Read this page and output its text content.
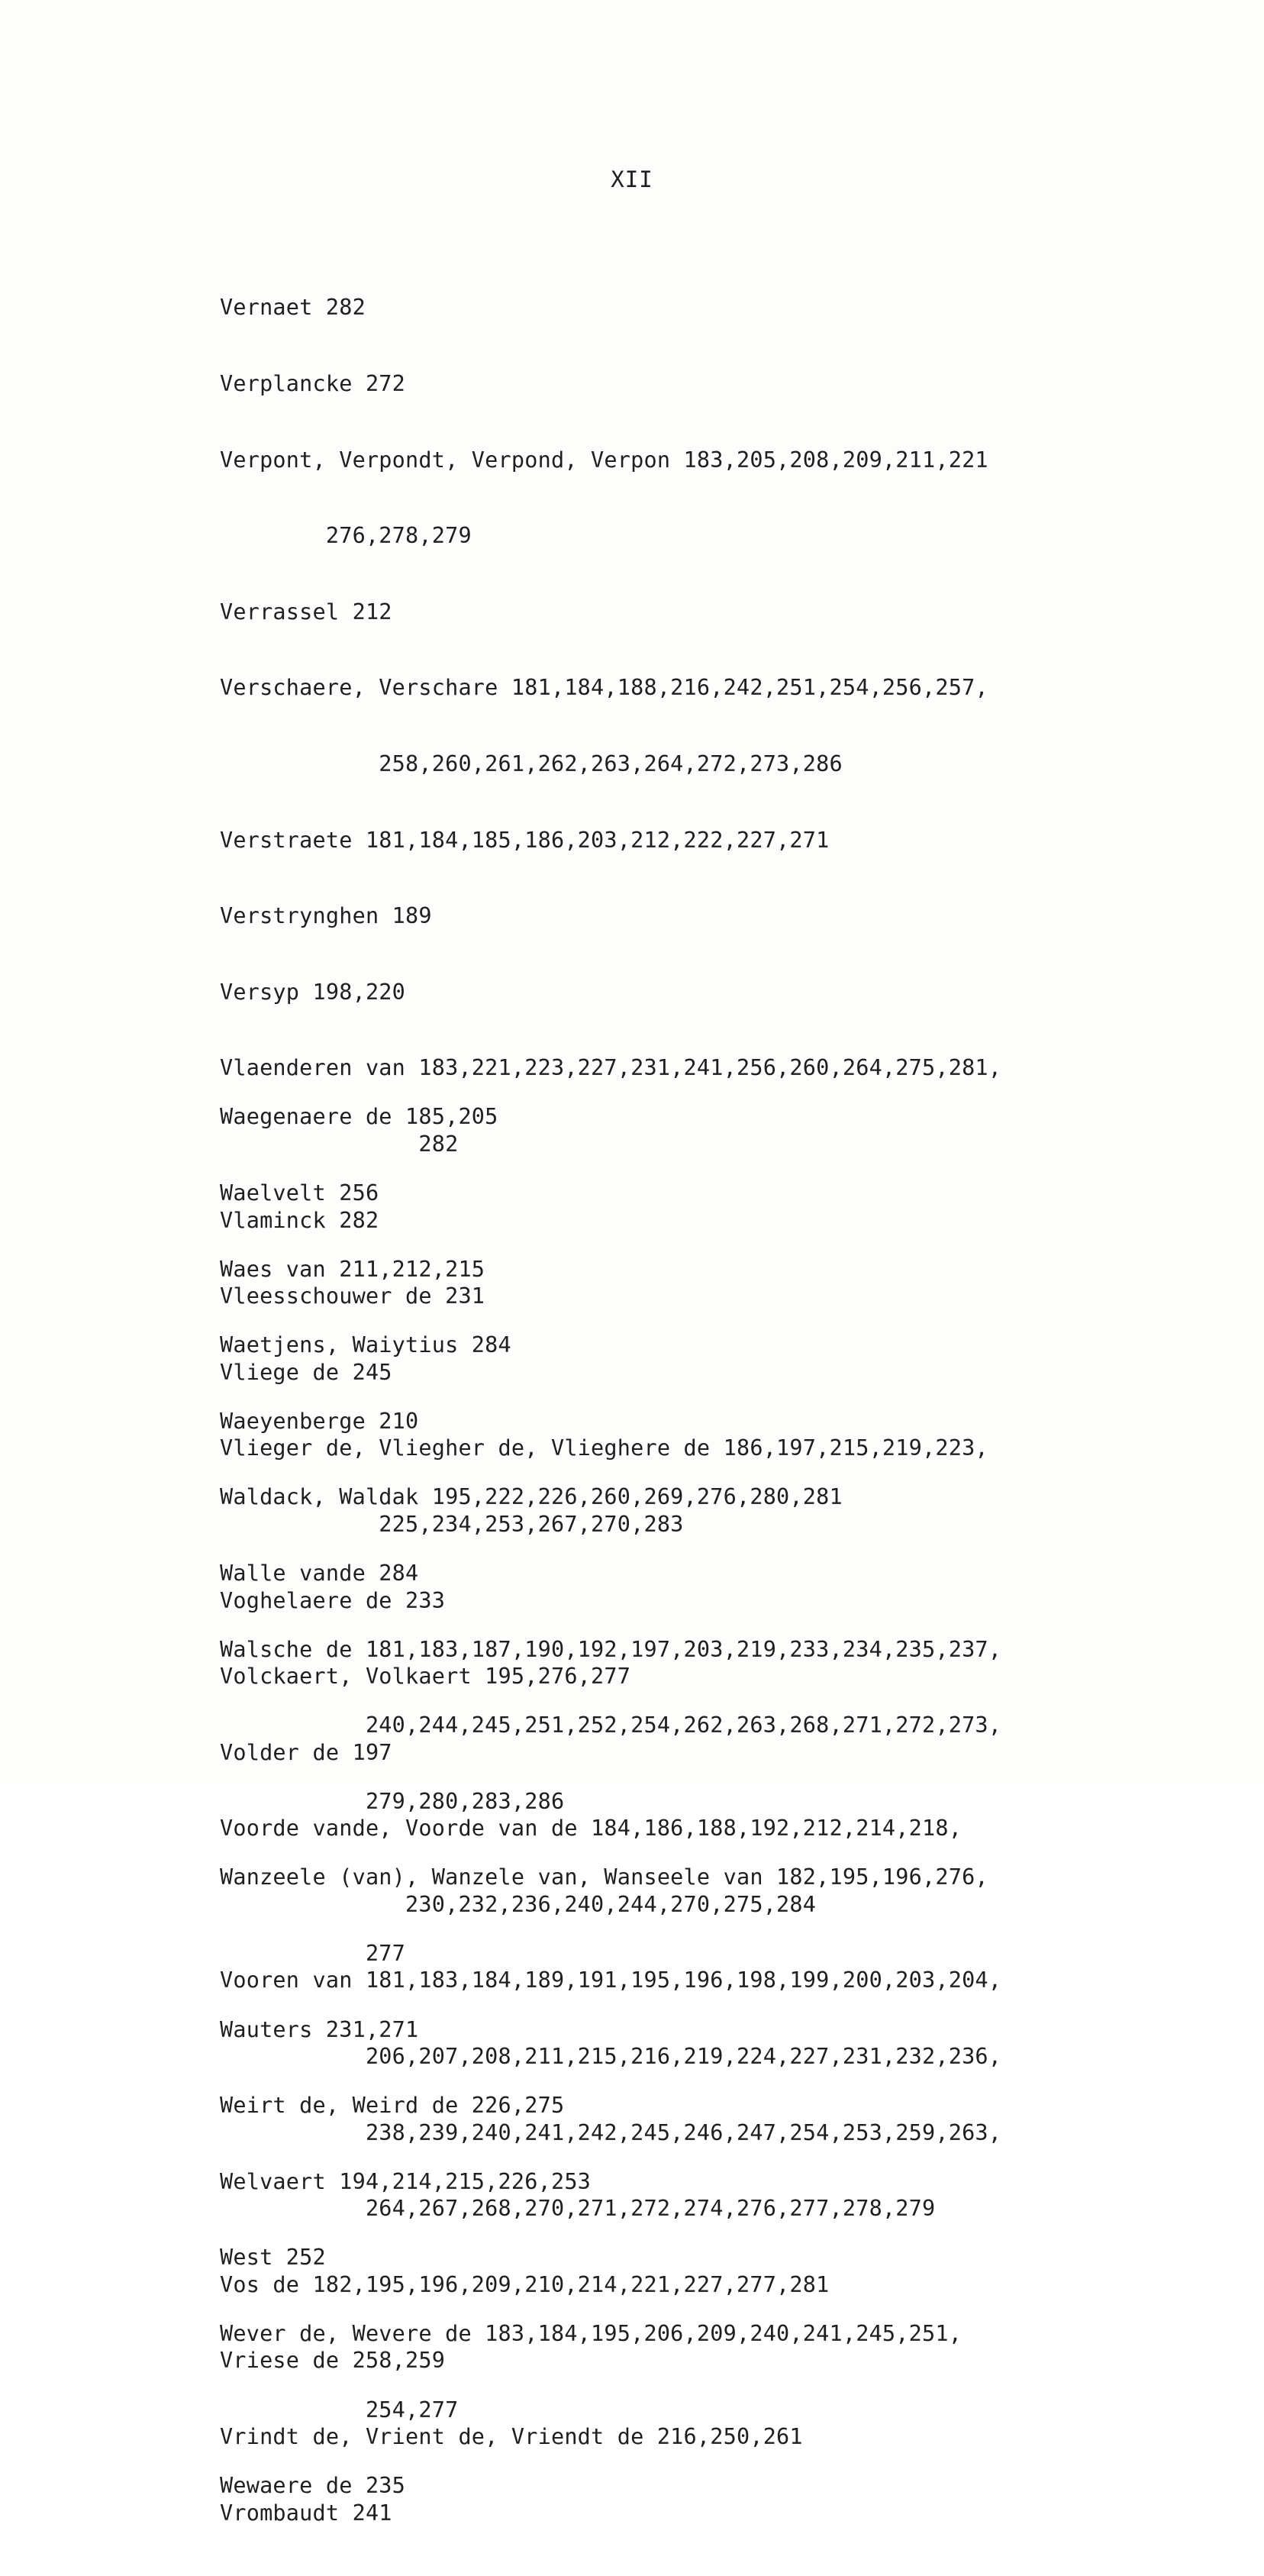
XII

Vernaet 282

Verplancke 272

Verpont, Verpondt, Verpond, Verpon 183,205,208,209,211,221

276,278,279

Verrassel 212

Verschaere, Verschare 181,184,188,216,242,251,254,256,257,

258,260,261,262,263,264,272,273,286

Verstraete 181,184,185,186,203,212,222,227,271

Verstrynghen 189

Versyp 198,220

Vlaenderen van 183,221,223,227,231,241,256,260,264,275,281,

282

Vlaminck 282

Vleesschouwer de 231

Vliege de 245

Vlieger de, Vliegher de, Vlieghere de 186,197,215,219,223,

225,234,253,267,270,283

Voghelaere de 233

Volckaert, Volkaert 195,276,277

Volder de 197

Voorde vande, Voorde van de 184,186,188,192,212,214,218,

230,232,236,240,244,270,275,284

Vooren van 181,183,184,189,191,195,196,198,199,200,203,204,

206,207,208,211,215,216,219,224,227,231,232,236,

238,239,240,241,242,245,246,247,254,253,259,263,

264,267,268,270,271,272,274,276,277,278,279

Vos de 182,195,196,209,210,214,221,227,277,281

Vriese de 258,259

Vrindt de, Vrient de, Vriendt de 216,250,261

Vrombaudt 241

Waegenaere de 185,205

Waelvelt 256

Waes van 211,212,215

Waetjens, Waiytius 284

Waeyenberge 210

Waldack, Waldak 195,222,226,260,269,276,280,281

Walle vande 284

Walsche de 181,183,187,190,192,197,203,219,233,234,235,237,

240,244,245,251,252,254,262,263,268,271,272,273,

279,280,283,286

Wanzeele (van), Wanzele van, Wanseele van 182,195,196,276,

277

Wauters 231,271

Weirt de, Weird de 226,275

Welvaert 194,214,215,226,253

West 252

Wever de, Wevere de 183,184,195,206,209,240,241,245,251,

254,277

Wewaere de 235
